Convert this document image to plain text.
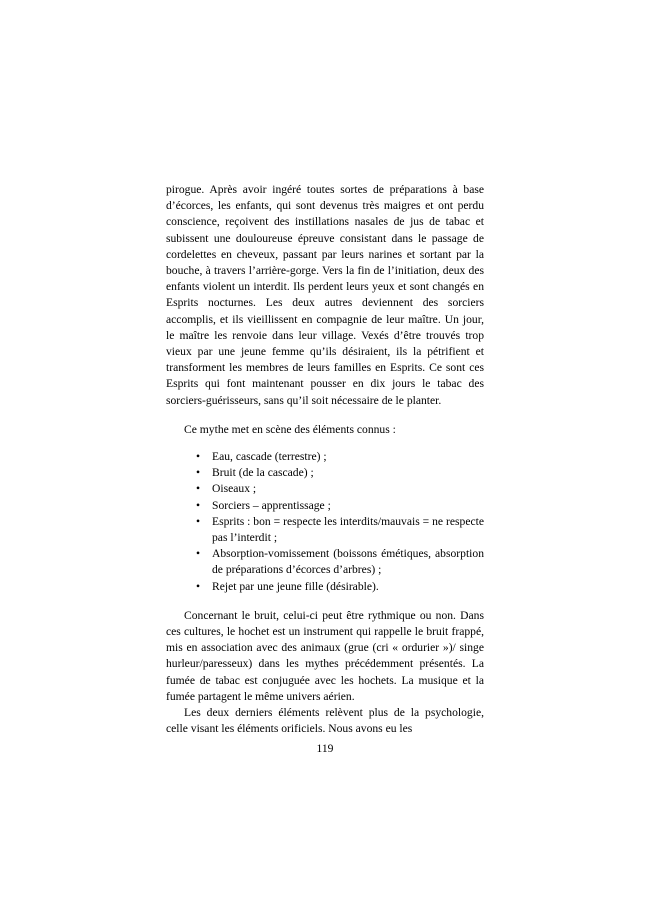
pirogue. Après avoir ingéré toutes sortes de préparations à base d’écorces, les enfants, qui sont devenus très maigres et ont perdu conscience, reçoivent des instillations nasales de jus de tabac et subissent une douloureuse épreuve consistant dans le passage de cordelettes en cheveux, passant par leurs narines et sortant par la bouche, à travers l’arrière-gorge. Vers la fin de l’initiation, deux des enfants violent un interdit. Ils perdent leurs yeux et sont changés en Esprits nocturnes. Les deux autres deviennent des sorciers accomplis, et ils vieillissent en compagnie de leur maître. Un jour, le maître les renvoie dans leur village. Vexés d’être trouvés trop vieux par une jeune femme qu’ils désiraient, ils la pétrifient et transforment les membres de leurs familles en Esprits. Ce sont ces Esprits qui font maintenant pousser en dix jours le tabac des sorciers-guérisseurs, sans qu’il soit nécessaire de le planter.

Ce mythe met en scène des éléments connus :

• Eau, cascade (terrestre) ;
• Bruit (de la cascade) ;
• Oiseaux ;
• Sorciers – apprentissage ;
• Esprits : bon = respecte les interdits/mauvais = ne respecte pas l’interdit ;
• Absorption-vomissement (boissons émétiques, absorption de préparations d’écorces d’arbres) ;
• Rejet par une jeune fille (désirable).

Concernant le bruit, celui-ci peut être rythmique ou non. Dans ces cultures, le hochet est un instrument qui rappelle le bruit frappé, mis en association avec des animaux (grue (cri « ordurier »)/ singe hurleur/paresseux) dans les mythes précédemment présentés. La fumée de tabac est conjuguée avec les hochets. La musique et la fumée partagent le même univers aérien.

Les deux derniers éléments relèvent plus de la psychologie, celle visant les éléments orificiels. Nous avons eu les

119
